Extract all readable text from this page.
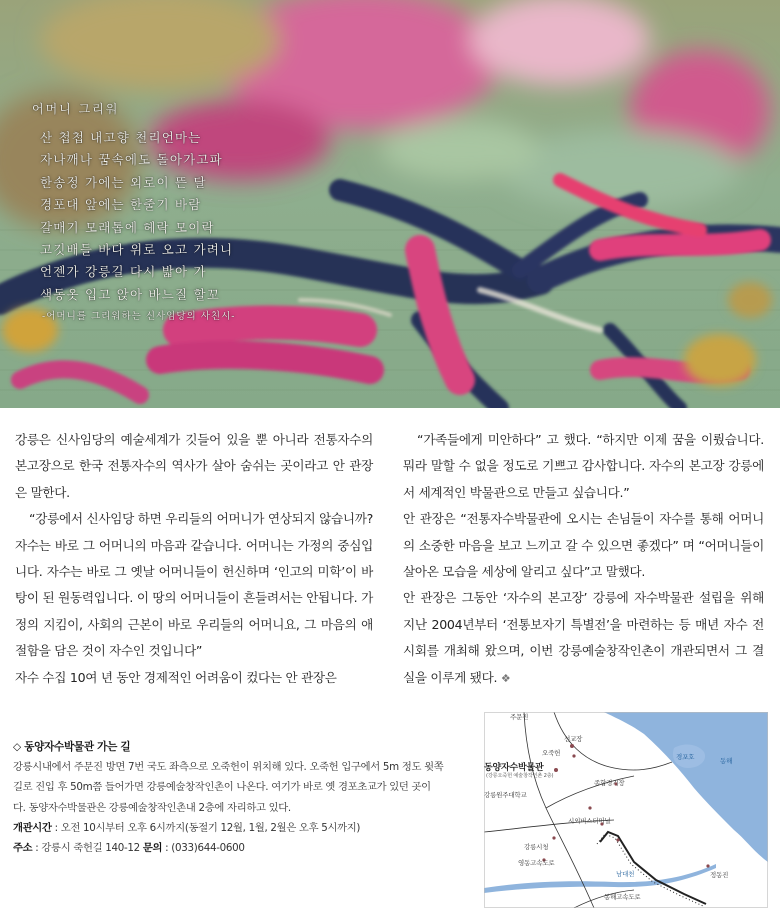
어머니 그리워
산 첩첩 내고향 천리언마는
자나깨나 꿈속에도 돌아가고파
한송정 가에는 외로이 뜬 달
경포대 앞에는 한줄기 바람
갈매기 모래톱에 헤락 모이락
고깃배들 바다 위로 오고 가려니
언젠가 강릉길 다시 밟아 가
색동옷 입고 앉아 바느질 할꼬
-어머니를 그리워하는 신사임당의 사친시-

강릉은 신사임당의 예술세계가 깃들어 있을 뿐 아니라 전통자수의 본고장으로 한국 전통자수의 역사가 살아 숨쉬는 곳이라고 안 관장은 말한다.

“강릉에서 신사임당 하면 우리들의 어머니가 연상되지 않습니까? 자수는 바로 그 어머니의 마음과 같습니다. 어머니는 가정의 중심입니다. 자수는 바로 그 옛날 어머니들이 헌신하며 ‘인고의 미학’이 바탕이 된 원동력입니다. 이 땅의 어머니들이 흔들려서는 안됩니다. 가정의 지킴이, 사회의 근본이 바로 우리들의 어머니요, 그 마음의 애절함을 담은 것이 자수인 것입니다”

자수 수집 10여 년 동안 경제적인 어려움이 컸다는 안 관장은

“가족들에게 미안하다” 고 했다. “하지만 이제 꿈을 이뤘습니다. 뭐라 말할 수 없을 정도로 기쁘고 감사합니다. 자수의 본고장 강릉에서 세계적인 박물관으로 만들고 싶습니다.”

안 관장은 “전통자수박물관에 오시는 손님들이 자수를 통해 어머니의 소중한 마음을 보고 느끼고 갈 수 있으면 좋겠다” 며 “어머니들이 살아온 모습을 세상에 알리고 싶다”고 말했다.

안 관장은 그동안 ‘자수의 본고장’ 강릉에 자수박물관 설립을 위해 지난 2004년부터 ‘전통보자기 특별전’을 마련하는 등 매년 자수 전시회를 개최해 왔으며, 이번 강릉예술창작인촌이 개관되면서 그 결실을 이루게 됐다. ❖

◇ 동양자수박물관 가는 길
강릉시내에서 주문진 방면 7번 국도 좌측으로 오죽헌이 위치해 있다. 오죽헌 입구에서 5m 정도 윗쪽
길로 진입 후 50m쯤 들어가면 강릉예술창작인촌이 나온다. 여기가 바로 옛 경포초교가 있던 곳이
다. 동양자수박물관은 강릉예술창작인촌내 2층에 자리하고 있다.
개관시간 : 오전 10시부터 오후 6시까지(동절기 12월, 1월, 2월은 오후 5시까지)
주소 : 강릉시 죽헌길 140-12 문의 : (033)644-0600
주문진
선교장
경포호	동해
오죽헌
동양자수박물관
(강릉오죽헌 예술창작인촌 2층)
종합경기장
강릉원주대학교
시외버스터미널
강릉시청
영동고속도로
남대천
동해고속도로
정동진
